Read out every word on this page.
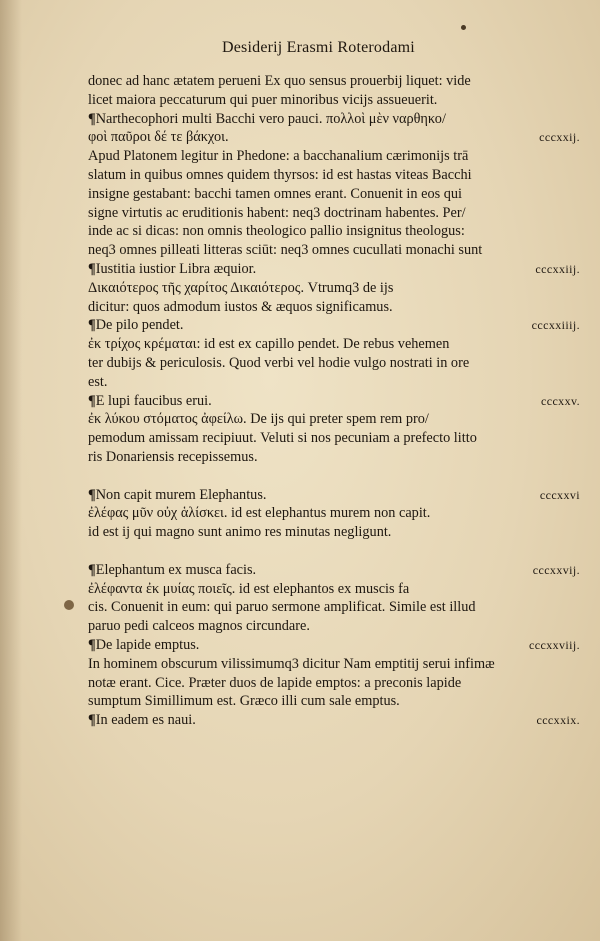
Desiderij Erasmi Roterodami
donec ad hanc ætatem perueni Ex quo sensus prouerbij liquet: vide
licet maiora peccaturum qui puer minoribus vicijs assueuerit.
¶Narthecophori multi Bacchi vero pauci. πολλοὶ μὲν ναρθηκο/
φοὶ παῦροι δέ τε βάκχοι.	cccxxij.
Apud Platonem legitur in Phedone: a bacchanalium cærimonijs trā
slatum in quibus omnes quidem thyrsos: id est hastas viteas Bacchi
insigne gestabant: bacchi tamen omnes erant. Conuenit in eos qui
signe virtutis ac eruditionis habent: neq3 doctrinam habentes. Per/
inde ac si dicas: non omnis theologico pallio insignitus theologus:
neq3 omnes pilleati litteras sciūt: neq3 omnes cucullati monachi sunt
¶Iustitia iustior Libra æquior.	cccxxiij.
Δικαιότερος τῆς χαρίτος Δικαιότερος. Vtrumq3 de ijs
dicitur: quos admodum iustos & æquos significamus.
¶De pilo pendet.	cccxxiiij.
ἐκ τρίχος κρέμαται: id est ex capillo pendet. De rebus vehemen
ter dubijs & periculosis. Quod verbi vel hodie vulgo nostrati in ore
est.
¶E lupi faucibus erui.	cccxxv.
ἐκ λύκου στόματος ἀφείλω. De ijs qui preter spem rem pro/
pemodum amissam recipiuut. Veluti si nos pecuniam a prefecto litto
ris Donariensis recepissemus.
¶Non capit murem Elephantus.	cccxxvi
ἐλέφας μῦν οὐχ ἁλίσκει. id est elephantus murem non capit.
id est ij qui magno sunt animo res minutas negligunt.
¶Elephantum ex musca facis.	cccxxvij.
ἐλέφαντα ἐκ μυίας ποιεῖς. id est elephantos ex muscis fa
cis. Conuenit in eum: qui paruo sermone amplificat. Simile est illud
paruo pedi calceos magnos circundare.
¶De lapide emptus.	cccxxviij.
In hominem obscurum vilissimumq3 dicitur Nam emptitij serui infimæ
notæ erant. Cice. Præter duos de lapide emptos: a preconis lapide
sumptum Simillimum est. Græco illi cum sale emptus.
¶In eadem es naui.	cccxxix.
